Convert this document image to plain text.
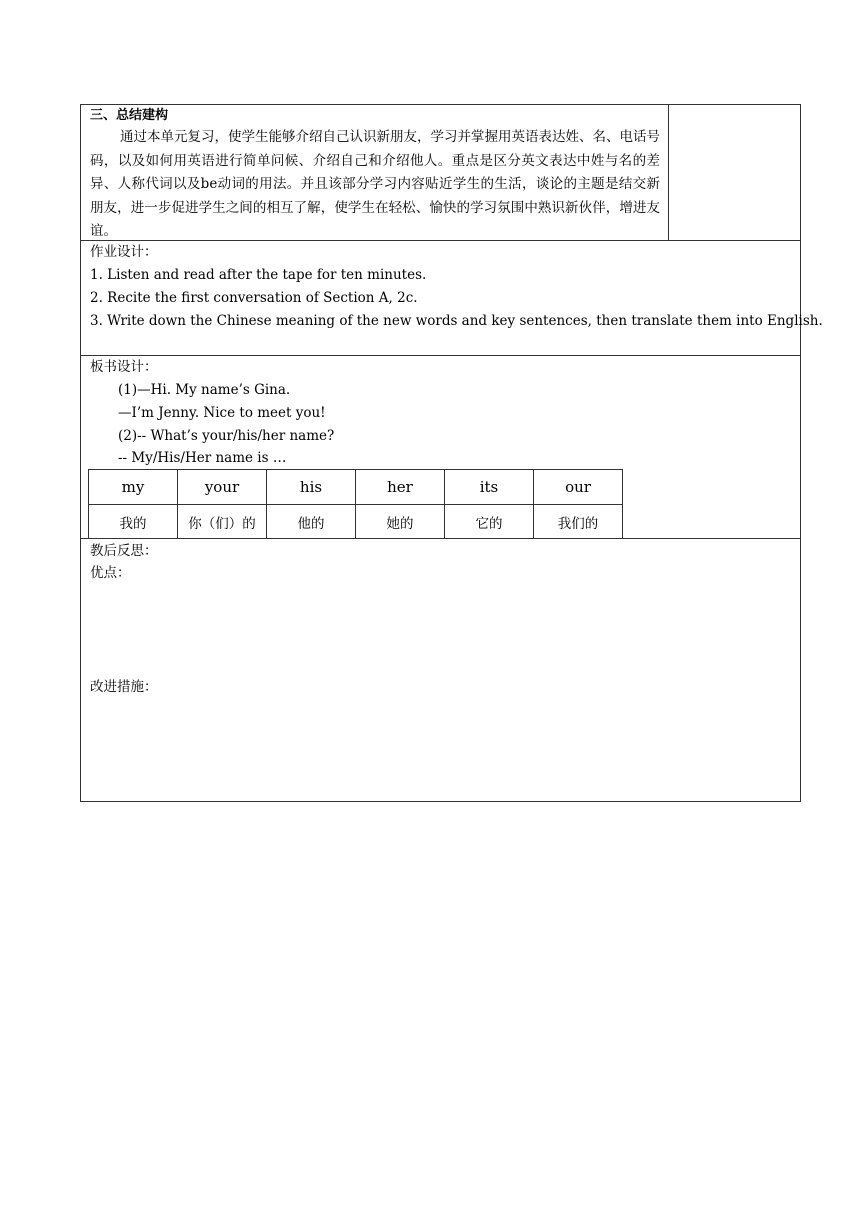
三、总结建构
通过本单元复习，使学生能够介绍自己认识新朋友，学习并掌握用英语表达姓、名、电话号码，以及如何用英语进行简单问候、介绍自己和介绍他人。重点是区分英文表达中姓与名的差异、人称代词以及be动词的用法。并且该部分学习内容贴近学生的生活，谈论的主题是结交新朋友，进一步促进学生之间的相互了解，使学生在轻松、愉快的学习氛围中熟识新伙伴，增进友谊。
作业设计：
1. Listen and read after the tape for ten minutes.
2. Recite the first conversation of Section A, 2c.
3. Write down the Chinese meaning of the new words and key sentences, then translate them into English.
板书设计：
(1)—Hi. My name’s Gina.
—I’m Jenny. Nice to meet you!
(2)-- What’s your/his/her name?
-- My/His/Her name is …
my	your	his	her	its	our
我的	你（们）的	他的	她的	它的	我们的
教后反思：
优点：
改进措施：
